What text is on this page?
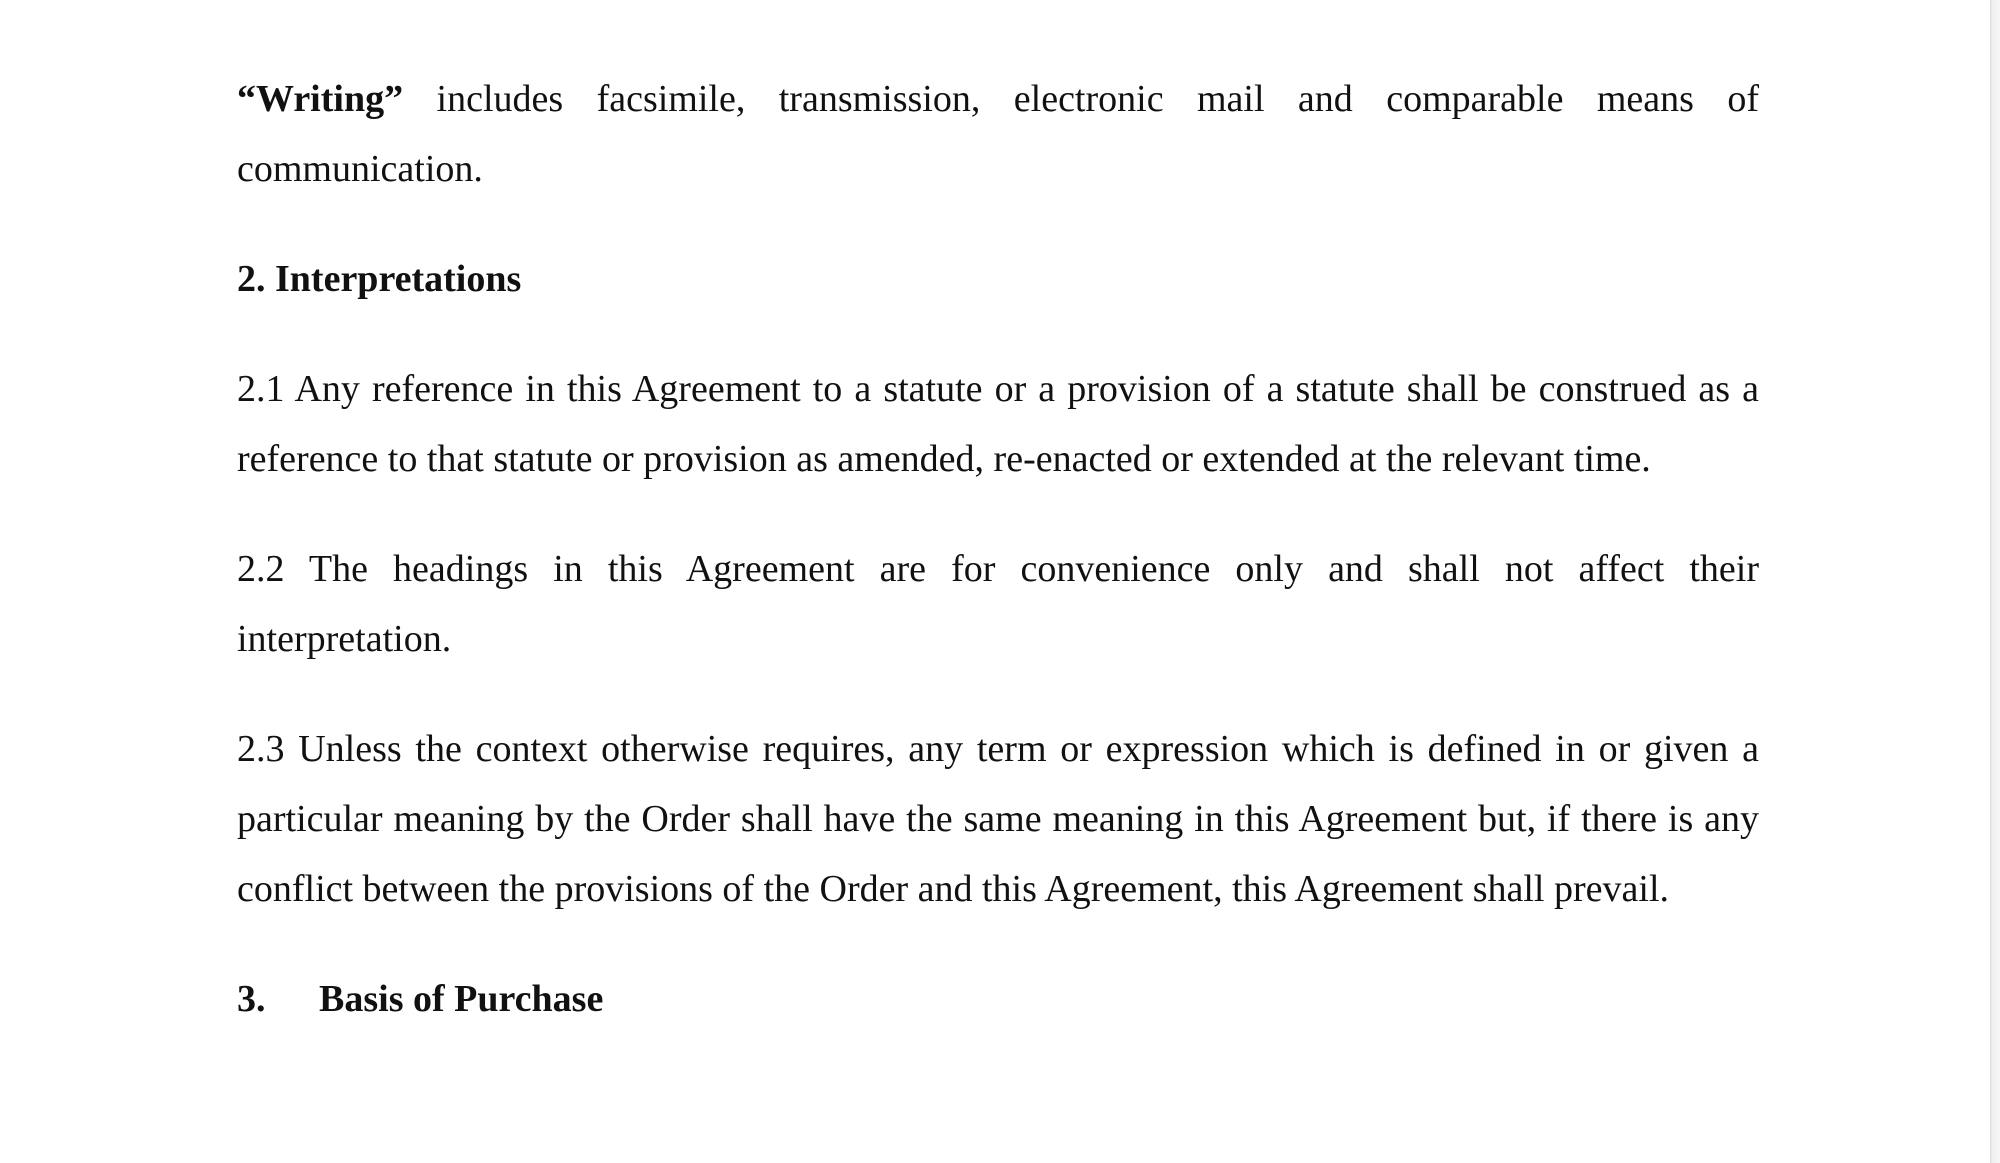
“Writing” includes facsimile, transmission, electronic mail and comparable means of communication.

2. Interpretations

2.1 Any reference in this Agreement to a statute or a provision of a statute shall be construed as a reference to that statute or provision as amended, re-enacted or extended at the relevant time.

2.2 The headings in this Agreement are for convenience only and shall not affect their interpretation.

2.3 Unless the context otherwise requires, any term or expression which is defined in or given a particular meaning by the Order shall have the same meaning in this Agreement but, if there is any conflict between the provisions of the Order and this Agreement, this Agreement shall prevail.

3. Basis of Purchase
